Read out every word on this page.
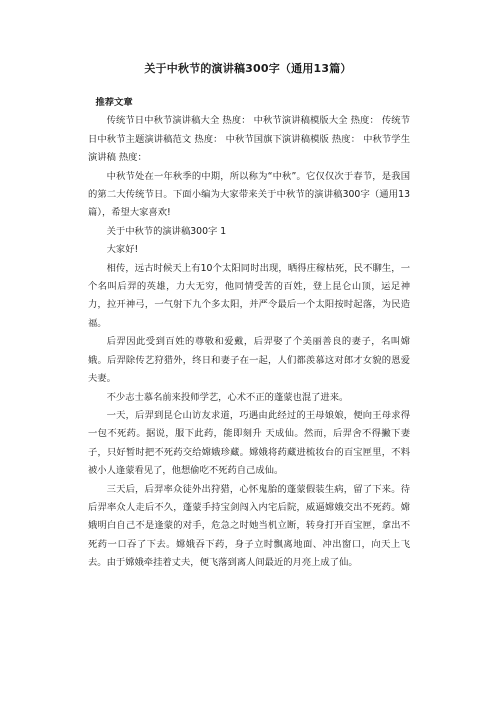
关于中秋节的演讲稿300字（通用13篇）

推荐文章

传统节日中秋节演讲稿大全 热度： 中秋节演讲稿模版大全 热度： 传统节日中秋节主题演讲稿范文 热度： 中秋节国旗下演讲稿模版 热度： 中秋节学生演讲稿 热度：

中秋节处在一年秋季的中期，所以称为“中秋”。它仅仅次于春节，是我国的第二大传统节日。下面小编为大家带来关于中秋节的演讲稿300字（通用13篇），希望大家喜欢!

关于中秋节的演讲稿300字 1

大家好!

相传，远古时候天上有10个太阳同时出现，晒得庄稼枯死，民不聊生，一个名叫后羿的英雄，力大无穷，他同情受苦的百姓，登上昆仑山顶，运足神力，拉开神弓，一气射下九个多太阳，并严令最后一个太阳按时起落，为民造福。

后羿因此受到百姓的尊敬和爱戴，后羿娶了个美丽善良的妻子，名叫嫦娥。后羿除传艺狩猎外，终日和妻子在一起，人们都羡慕这对郎才女貌的恩爱夫妻。

不少志士慕名前来投师学艺，心术不正的蓬蒙也混了进来。

一天，后羿到昆仑山访友求道，巧遇由此经过的王母娘娘，便向王母求得一包不死药。据说，服下此药，能即刻升 天成仙。然而，后羿舍不得撇下妻子，只好暂时把不死药交给嫦娥珍藏。嫦娥将药藏进梳妆台的百宝匣里，不料被小人逢蒙看见了，他想偷吃不死药自己成仙。

三天后，后羿率众徒外出狩猎，心怀鬼胎的蓬蒙假装生病，留了下来。待后羿率众人走后不久，蓬蒙手持宝剑闯入内宅后院，威逼嫦娥交出不死药。嫦娥明白自己不是逢蒙的对手，危急之时她当机立断，转身打开百宝匣，拿出不死药一口吞了下去。嫦娥吞下药，身子立时飘离地面、冲出窗口，向天上飞去。由于嫦娥牵挂着丈夫，便飞落到离人间最近的月亮上成了仙。
